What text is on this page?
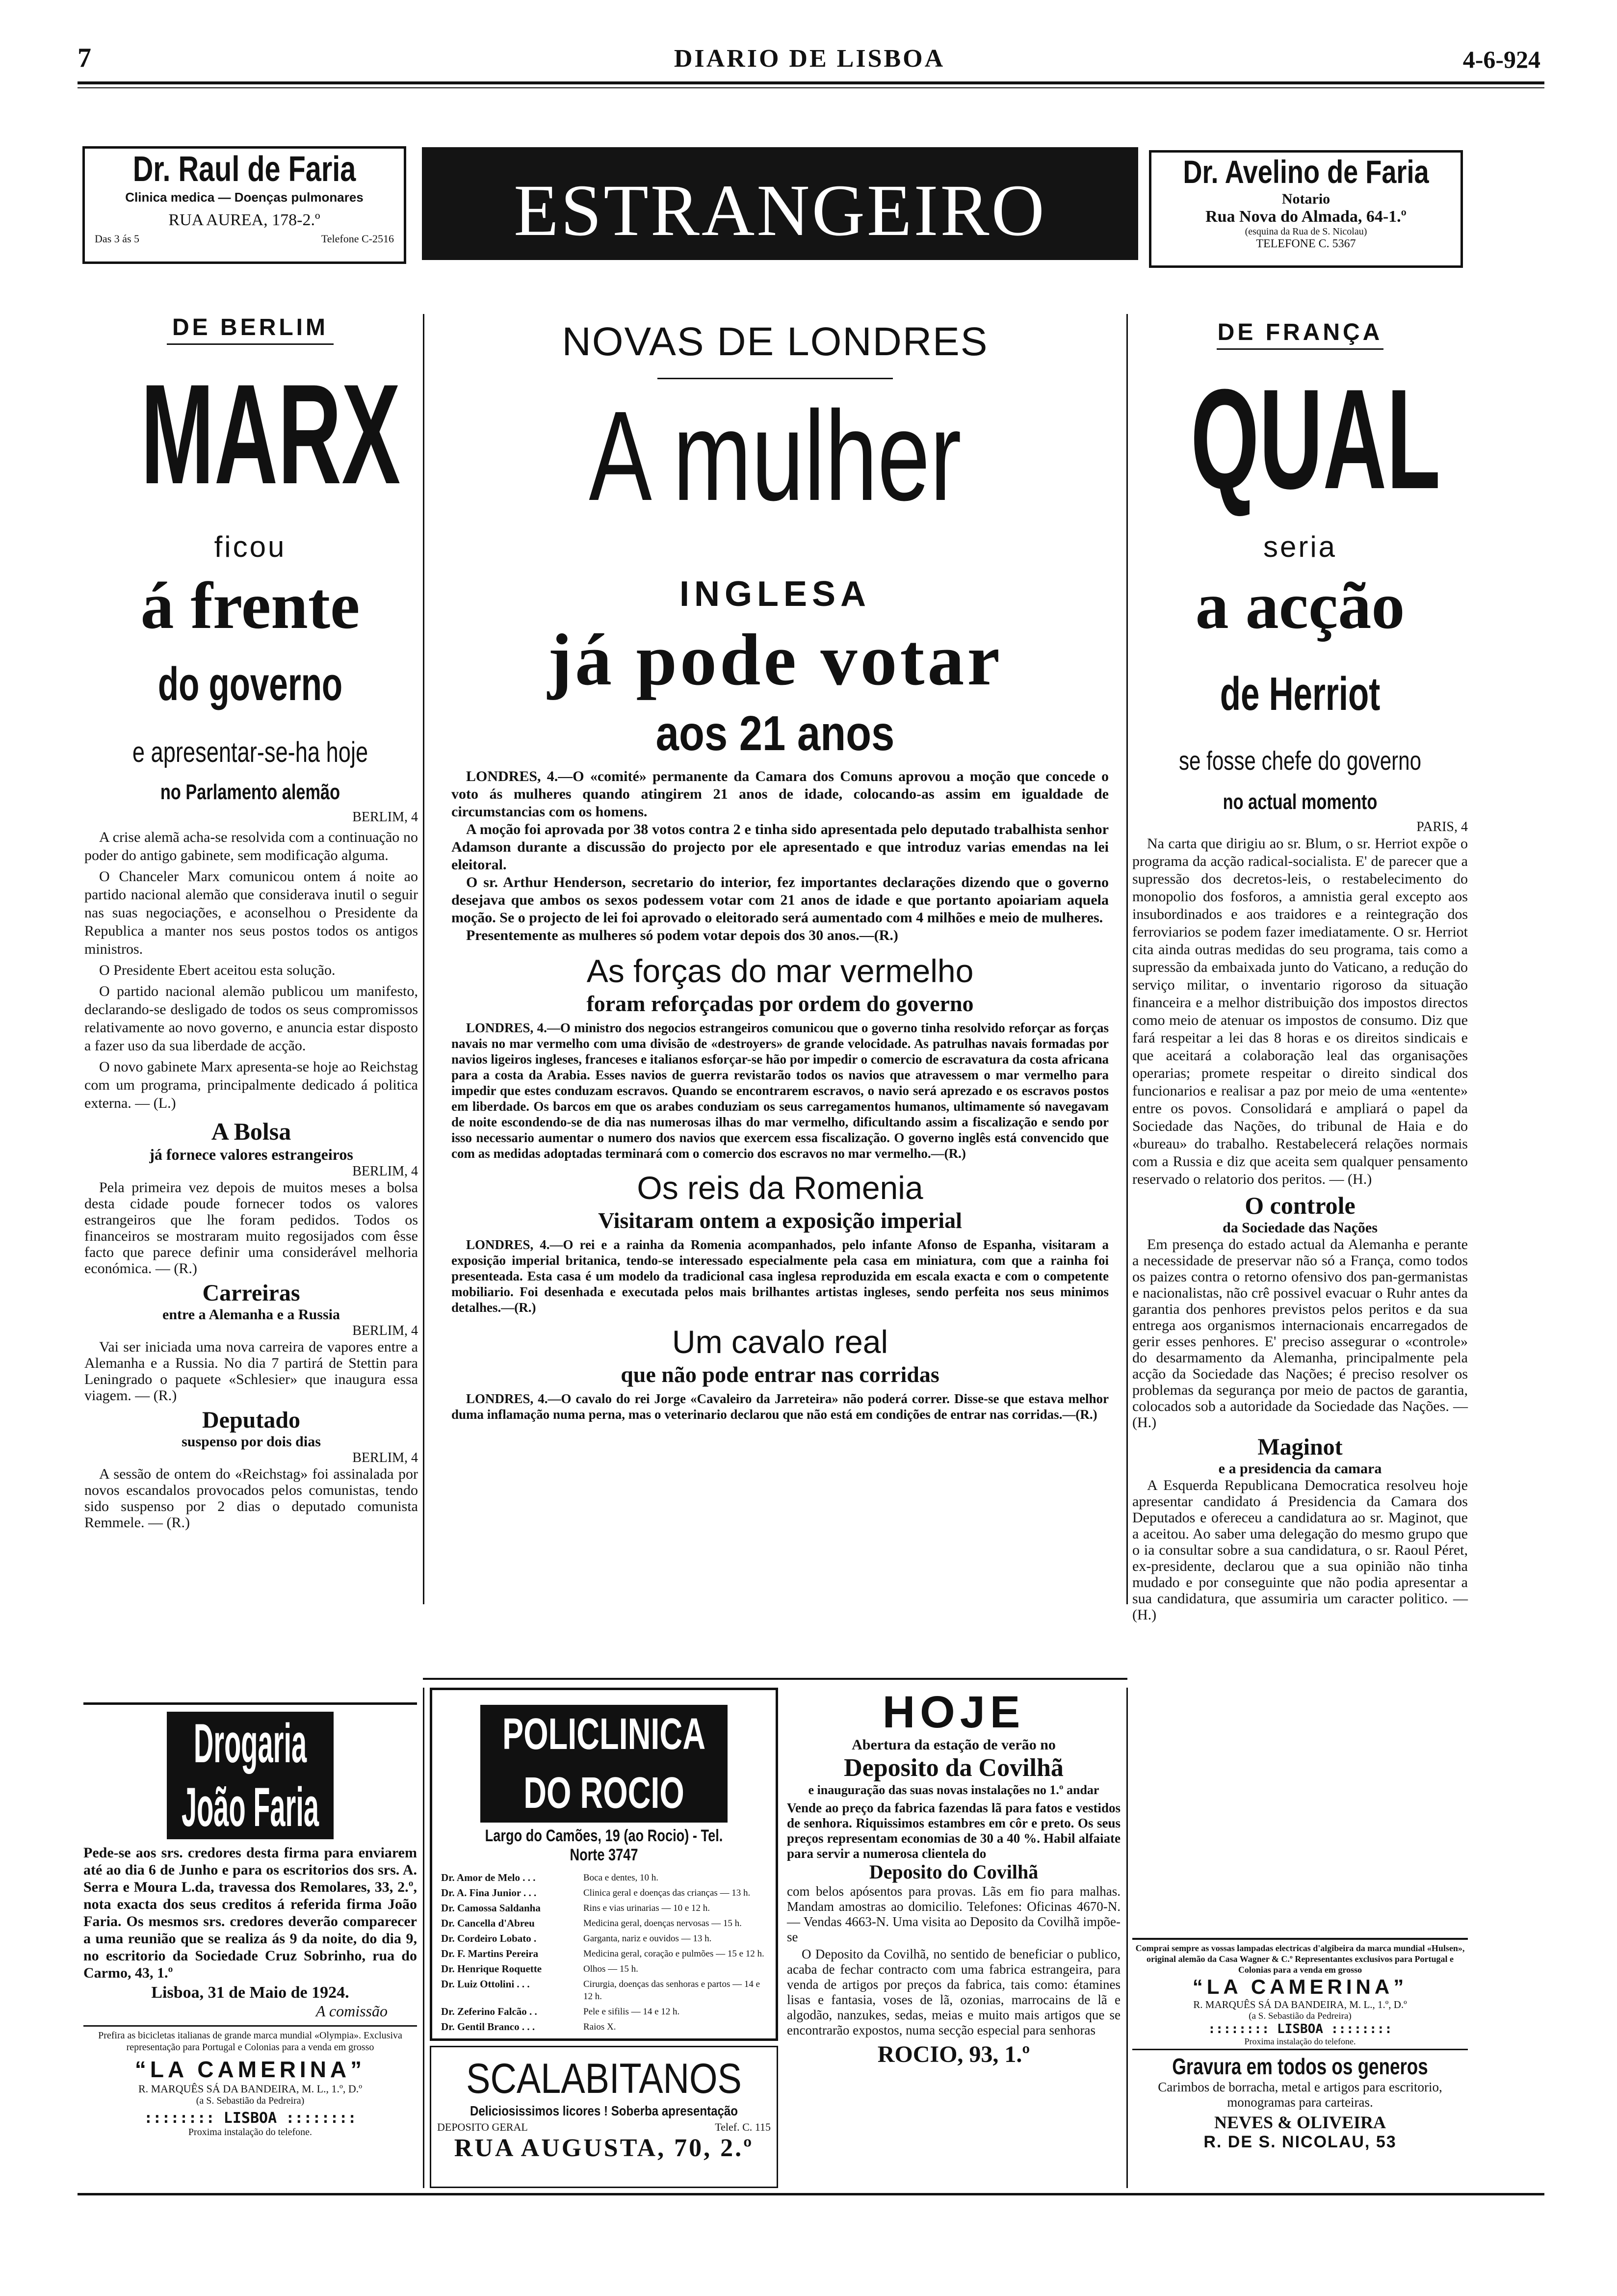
7	DIARIO DE LISBOA	4-6-924
Dr. Raul de Faria
Clinica medica — Doenças pulmonares
RUA AUREA, 178-2.º
Das 3 ás 5	Telefone C-2516	ESTRANGEIRO	Dr. Avelino de Faria
Notario
Rua Nova do Almada, 64-1.º
(esquina da Rua de S. Nicolau)
TELEFONE C. 5367
DE BERLIM
MARX
ficou
á frente
do governo
e apresentar-se-ha hoje
no Parlamento alemão
BERLIM, 4

A crise alemã acha-se resolvida com a continuação no poder do antigo gabinete, sem modificação alguma.

O Chanceler Marx comunicou ontem á noite ao partido nacional alemão que considerava inutil o seguir nas suas negociações, e aconselhou o Presidente da Republica a manter nos seus postos todos os antigos ministros.

O Presidente Ebert aceitou esta solução.

O partido nacional alemão publicou um manifesto, declarando-se desligado de todos os seus compromissos relativamente ao novo governo, e anuncia estar disposto a fazer uso da sua liberdade de acção.

O novo gabinete Marx apresenta-se hoje ao Reichstag com um programa, principalmente dedicado á politica externa. — (L.)

A Bolsa
já fornece valores estrangeiros
BERLIM, 4

Pela primeira vez depois de muitos meses a bolsa desta cidade poude fornecer todos os valores estrangeiros que lhe foram pedidos. Todos os financeiros se mostraram muito regosijados com êsse facto que parece definir uma considerável melhoria económica. — (R.)

Carreiras
entre a Alemanha e a Russia
BERLIM, 4

Vai ser iniciada uma nova carreira de vapores entre a Alemanha e a Russia. No dia 7 partirá de Stettin para Leningrado o paquete «Schlesier» que inaugura essa viagem. — (R.)

Deputado
suspenso por dois dias
BERLIM, 4

A sessão de ontem do «Reichstag» foi assinalada por novos escandalos provocados pelos comunistas, tendo sido suspenso por 2 dias o deputado comunista Remmele. — (R.)

Drogaria João Faria

Pede-se aos srs. credores desta firma para enviarem até ao dia 6 de Junho e para os escritorios dos srs. A. Serra e Moura L.da, travessa dos Remolares, 33, 2.º, nota exacta dos seus creditos á referida firma João Faria. Os mesmos srs. credores deverão comparecer a uma reunião que se realiza ás 9 da noite, do dia 9, no escritorio da Sociedade Cruz Sobrinho, rua do Carmo, 43, 1.º

Lisboa, 31 de Maio de 1924.
A comissão

Prefira as bicicletas italianas de grande marca mundial «Olympia». Exclusiva representação para Portugal e Colonias para a venda em grosso

“LA CAMERINA”
R. MARQUÊS SÁ DA BANDEIRA, M. L., 1.º, D.º
(a S. Sebastião da Pedreira)
:::::::: LISBOA ::::::::
Proxima instalação do telefone.
NOVAS DE LONDRES
A mulher
INGLESA
já pode votar
aos 21 anos

LONDRES, 4.—O «comité» permanente da Camara dos Comuns aprovou a moção que concede o voto ás mulheres quando atingirem 21 anos de idade, colocando-as assim em igualdade de circumstancias com os homens.

A moção foi aprovada por 38 votos contra 2 e tinha sido apresentada pelo deputado trabalhista senhor Adamson durante a discussão do projecto por ele apresentado e que introduz varias emendas na lei eleitoral.

O sr. Arthur Henderson, secretario do interior, fez importantes declarações dizendo que o governo desejava que ambos os sexos podessem votar com 21 anos de idade e que portanto apoiariam aquela moção. Se o projecto de lei foi aprovado o eleitorado será aumentado com 4 milhões e meio de mulheres.

Presentemente as mulheres só podem votar depois dos 30 anos.—(R.)

As forças do mar vermelho
foram reforçadas por ordem do governo

LONDRES, 4.—O ministro dos negocios estrangeiros comunicou que o governo tinha resolvido reforçar as forças navais no mar vermelho com uma divisão de «destroyers» de grande velocidade. As patrulhas navais formadas por navios ligeiros ingleses, franceses e italianos esforçar-se hão por impedir o comercio de escravatura da costa africana para a costa da Arabia. Esses navios de guerra revistarão todos os navios que atravessem o mar vermelho para impedir que estes conduzam escravos. Quando se encontrarem escravos, o navio será aprezado e os escravos postos em liberdade. Os barcos em que os arabes conduziam os seus carregamentos humanos, ultimamente só navegavam de noite escondendo-se de dia nas numerosas ilhas do mar vermelho, dificultando assim a fiscalização e sendo por isso necessario aumentar o numero dos navios que exercem essa fiscalização. O governo inglês está convencido que com as medidas adoptadas terminará com o comercio dos escravos no mar vermelho.—(R.)

Os reis da Romenia
Visitaram ontem a exposição imperial

LONDRES, 4.—O rei e a rainha da Romenia acompanhados, pelo infante Afonso de Espanha, visitaram a exposição imperial britanica, tendo-se interessado especialmente pela casa em miniatura, com que a rainha foi presenteada. Esta casa é um modelo da tradicional casa inglesa reproduzida em escala exacta e com o competente mobiliario. Foi desenhada e executada pelos mais brilhantes artistas ingleses, sendo perfeita nos seus minimos detalhes.—(R.)

Um cavalo real
que não pode entrar nas corridas

LONDRES, 4.—O cavalo do rei Jorge «Cavaleiro da Jarreteira» não poderá correr. Disse-se que estava melhor duma inflamação numa perna, mas o veterinario declarou que não está em condições de entrar nas corridas.—(R.)

POLICLINICA DO ROCIO
Largo do Camões, 19 (ao Rocio) - Tel. Norte 3747
Dr. Amor de Melo . . .	Boca e dentes, 10 h.
Dr. A. Fina Junior . . .	Clinica geral e doenças das crianças — 13 h.
Dr. Camossa Saldanha	Rins e vias urinarias — 10 e 12 h.
Dr. Cancella d'Abreu	Medicina geral, doenças nervosas — 15 h.
Dr. Cordeiro Lobato .	Garganta, nariz e ouvidos — 13 h.
Dr. F. Martins Pereira	Medicina geral, coração e pulmões — 15 e 12 h.
Dr. Henrique Roquette	Olhos — 15 h.
Dr. Luiz Ottolini . . .	Cirurgia, doenças das senhoras e partos — 14 e 12 h.
Dr. Zeferino Falcão . .	Pele e sifilis — 14 e 12 h.
Dr. Gentil Branco . . .	Raios X.
SCALABITANOS
Deliciosissimos licores ! Soberba apresentação
DEPOSITO GERAL	Telef. C. 115
RUA AUGUSTA, 70, 2.º
HOJE
Abertura da estação de verão no
Deposito da Covilhã
e inauguração das suas novas instalações no 1.º andar

Vende ao preço da fabrica fazendas lã para fatos e vestidos de senhora. Riquissimos estambres em côr e preto. Os seus preços representam economias de 30 a 40 %. Habil alfaiate para servir a numerosa clientela do

Deposito do Covilhã

com belos apósentos para provas. Lãs em fio para malhas. Mandam amostras ao domicilio. Telefones: Oficinas 4670-N. — Vendas 4663-N. Uma visita ao Deposito da Covilhã impõe-se

O Deposito da Covilhã, no sentido de beneficiar o publico, acaba de fechar contracto com uma fabrica estrangeira, para venda de artigos por preços da fabrica, tais como: étamines lisas e fantasia, voses de lã, ozonias, marrocains de lã e algodão, nanzukes, sedas, meias e muito mais artigos que se encontrarão expostos, numa secção especial para senhoras

ROCIO, 93, 1.º
DE FRANÇA
QUAL
seria
a acção
de Herriot
se fosse chefe do governo
no actual momento
PARIS, 4

Na carta que dirigiu ao sr. Blum, o sr. Herriot expõe o programa da acção radical-socialista. E' de parecer que a supressão dos decretos-leis, o restabelecimento do monopolio dos fosforos, a amnistia geral excepto aos insubordinados e aos traidores e a reintegração dos ferroviarios se podem fazer imediatamente. O sr. Herriot cita ainda outras medidas do seu programa, tais como a supressão da embaixada junto do Vaticano, a redução do serviço militar, o inventario rigoroso da situação financeira e a melhor distribuição dos impostos directos como meio de atenuar os impostos de consumo. Diz que fará respeitar a lei das 8 horas e os direitos sindicais e que aceitará a colaboração leal das organisações operarias; promete respeitar o direito sindical dos funcionarios e realisar a paz por meio de uma «entente» entre os povos. Consolidará e ampliará o papel da Sociedade das Nações, do tribunal de Haia e do «bureau» do trabalho. Restabelecerá relações normais com a Russia e diz que aceita sem qualquer pensamento reservado o relatorio dos peritos. — (H.)

O controle
da Sociedade das Nações

Em presença do estado actual da Alemanha e perante a necessidade de preservar não só a França, como todos os paizes contra o retorno ofensivo dos pan-germanistas e nacionalistas, não crê possivel evacuar o Ruhr antes da garantia dos penhores previstos pelos peritos e da sua entrega aos organismos internacionais encarregados de gerir esses penhores. E' preciso assegurar o «controle» do desarmamento da Alemanha, principalmente pela acção da Sociedade das Nações; é preciso resolver os problemas da segurança por meio de pactos de garantia, colocados sob a autoridade da Sociedade das Nações. — (H.)

Maginot
e a presidencia da camara

A Esquerda Republicana Democratica resolveu hoje apresentar candidato á Presidencia da Camara dos Deputados e ofereceu a candidatura ao sr. Maginot, que a aceitou. Ao saber uma delegação do mesmo grupo que o ia consultar sobre a sua candidatura, o sr. Raoul Péret, ex-presidente, declarou que a sua opinião não tinha mudado e por conseguinte que não podia apresentar a sua candidatura, que assumiria um caracter politico. — (H.)

Comprai sempre as vossas lampadas electricas d'algibeira da marca mundial «Hulsen», original alemão da Casa Wagner & C.º Representantes exclusivos para Portugal e Colonias para a venda em grosso

“LA CAMERINA”
R. MARQUÊS SÁ DA BANDEIRA, M. L., 1.º, D.º
(a S. Sebastião da Pedreira)
:::::::: LISBOA ::::::::
Proxima instalação do telefone.
Gravura em todos os generos
Carimbos de borracha, metal e artigos para escritorio, monogramas para carteiras.
NEVES & OLIVEIRA
R. DE S. NICOLAU, 53
